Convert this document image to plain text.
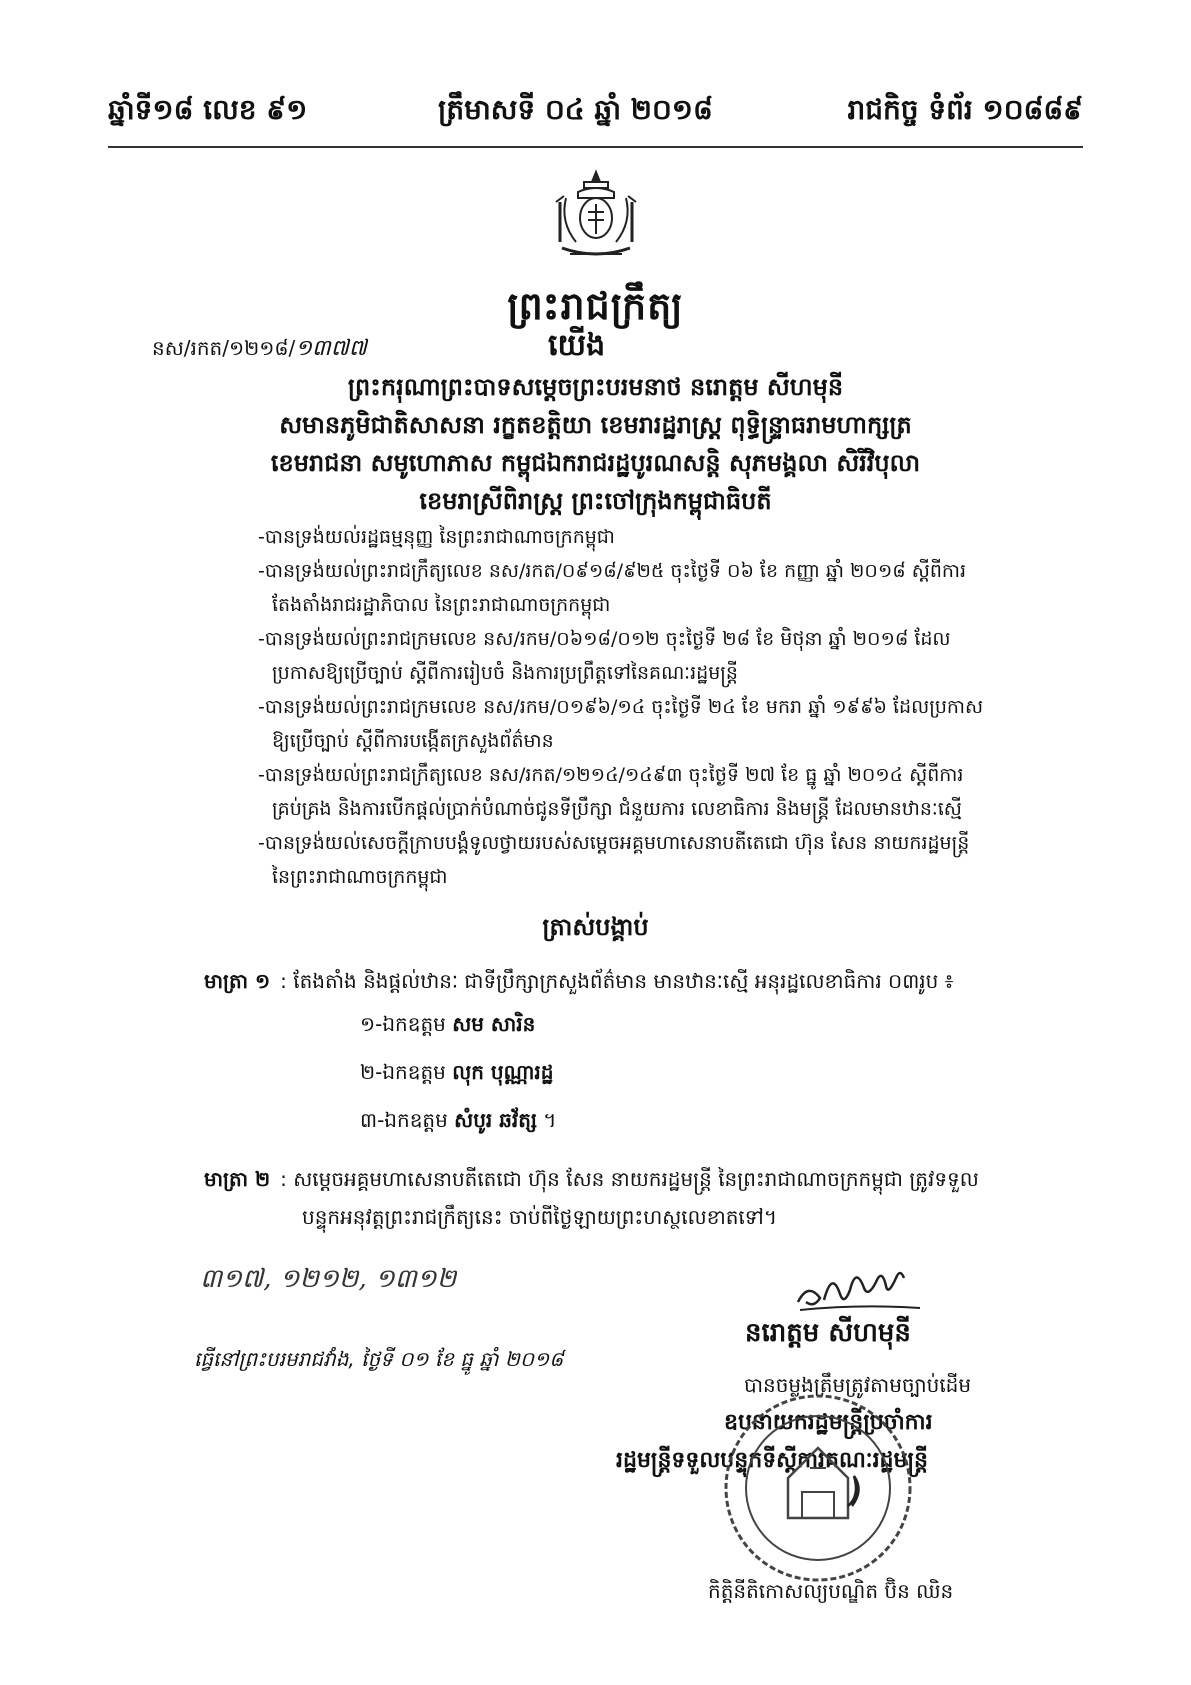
ឆ្នាំទី១៨ លេខ ៩១	ត្រឹមាសទី ០៤ ឆ្នាំ ២០១៨	រាជកិច្ច ទំព័រ ១០៨៨៩
ព្រះរាជក្រឹត្យ
នស/រកត/១២១៨/១៣៧៧	យើង
ព្រះករុណាព្រះបាទសម្ដេចព្រះបរមនាថ នរោត្តម សីហមុនី
សមានភូមិជាតិសាសនា រក្ខតខត្តិយា ខេមរារដ្ឋរាស្ត្រ ពុទ្ធិន្ទ្រាធរាមហាក្សត្រ
ខេមរាជនា សមូហោភាស កម្ពុជឯករាជរដ្ឋបូរណសន្តិ សុភមង្គលា សិរីវិបុលា
ខេមរាស្រីពិរាស្ត្រ ព្រះចៅក្រុងកម្ពុជាធិបតី
-បានទ្រង់យល់រដ្ឋធម្មនុញ្ញ នៃព្រះរាជាណាចក្រកម្ពុជា
-បានទ្រង់យល់ព្រះរាជក្រឹត្យលេខ នស/រកត/០៩១៨/៩២៥ ចុះថ្ងៃទី ០៦ ខែ កញ្ញា ឆ្នាំ ២០១៨ ស្ដីពីការ
តែងតាំងរាជរដ្ឋាភិបាល នៃព្រះរាជាណាចក្រកម្ពុជា
-បានទ្រង់យល់ព្រះរាជក្រមលេខ នស/រកម/០៦១៨/០១២ ចុះថ្ងៃទី ២៨ ខែ មិថុនា ឆ្នាំ ២០១៨ ដែល
ប្រកាសឱ្យប្រើច្បាប់ ស្ដីពីការរៀបចំ និងការប្រព្រឹត្តទៅនៃគណៈរដ្ឋមន្ត្រី
-បានទ្រង់យល់ព្រះរាជក្រមលេខ នស/រកម/០១៩៦/១៤ ចុះថ្ងៃទី ២៤ ខែ មករា ឆ្នាំ ១៩៩៦ ដែលប្រកាស
ឱ្យប្រើច្បាប់ ស្ដីពីការបង្កើតក្រសួងព័ត៌មាន
-បានទ្រង់យល់ព្រះរាជក្រឹត្យលេខ នស/រកត/១២១៤/១៤៩៣ ចុះថ្ងៃទី ២៧ ខែ ធ្នូ ឆ្នាំ ២០១៤ ស្ដីពីការ
គ្រប់គ្រង និងការបើកផ្ដល់ប្រាក់បំណាច់ជូនទីប្រឹក្សា ជំនួយការ លេខាធិការ និងមន្ត្រី ដែលមានឋានៈស្មើ
-បានទ្រង់យល់សេចក្ដីក្រាបបង្គំទូលថ្វាយរបស់សម្ដេចអគ្គមហាសេនាបតីតេជោ ហ៊ុន សែន នាយករដ្ឋមន្ត្រី
នៃព្រះរាជាណាចក្រកម្ពុជា
ត្រាស់បង្គាប់
មាត្រា ១ : តែងតាំង និងផ្ដល់ឋានៈ ជាទីប្រឹក្សាក្រសួងព័ត៌មាន មានឋានៈស្មើ អនុរដ្ឋលេខាធិការ ០៣រូប ៖
១-ឯកឧត្តម សម សារិន
២-ឯកឧត្តម លុក បុណ្ណារដ្ឋ
៣-ឯកឧត្តម សំបូរ ឆវ័ត្ស ។
មាត្រា ២ : សម្ដេចអគ្គមហាសេនាបតីតេជោ ហ៊ុន សែន នាយករដ្ឋមន្ត្រី នៃព្រះរាជាណាចក្រកម្ពុជា ត្រូវទទួល
បន្ទុកអនុវត្តព្រះរាជក្រឹត្យនេះ ចាប់ពីថ្ងៃឡាយព្រះហស្ថលេខាតទៅ។
៣១៧, ១២១២, ១៣១២
ធ្វើនៅព្រះបរមរាជវាំង, ថ្ងៃទី ០១ ខែ ធ្នូ ឆ្នាំ ២០១៨
នរោត្តម សីហមុនី
បានចម្លងត្រឹមត្រូវតាមច្បាប់ដើម
ឧបនាយករដ្ឋមន្ត្រីប្រចាំការ
រដ្ឋមន្ត្រីទទួលបន្ទុកទីស្ដីការគណៈរដ្ឋមន្ត្រី
កិត្តិនីតិកោសល្យបណ្ឌិត ប៊ិន ឈិន
